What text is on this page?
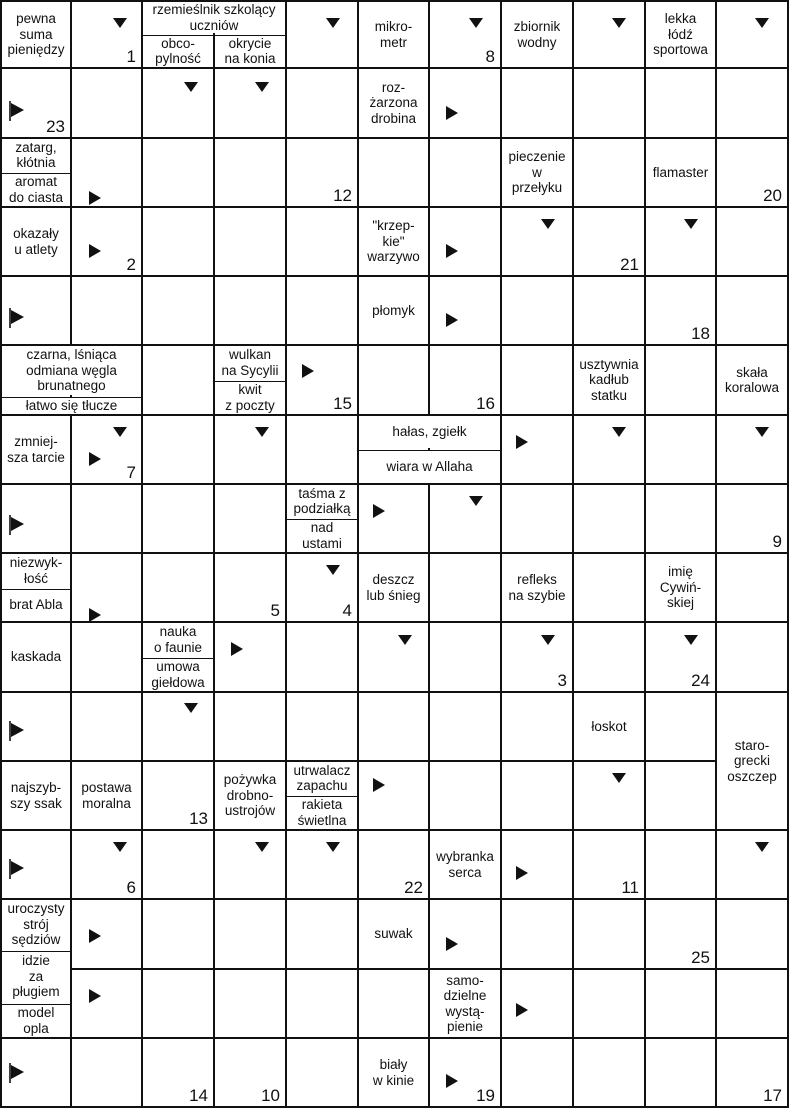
1	8
23
12	20
2	21
18
15	16
7
9
5	4
3	24
13
6	22	11
25
14	10	19	17
pewna
suma
pieniędzy
rzemieślnik szkolący
uczniów
obco-
pylność
okrycie
na konia
mikro-
metr
zbiornik
wodny
lekka
łódź
sportowa
roz-
żarzona
drobina
zatarg,
kłótnia
aromat
do ciasta
pieczenie
w
przełyku
flamaster
okazały
u atlety
"krzep-
kie"
warzywo
płomyk
czarna, lśniąca
odmiana węgla
brunatnego
łatwo się tłucze
wulkan
na Sycylii
kwit
z poczty
usztywnia
kadłub
statku
skała
koralowa
zmniej-
sza tarcie
hałas, zgiełk
wiara w Allaha
taśma z
podziałką
nad
ustami
niezwyk-
łość
brat Abla
deszcz
lub śnieg
refleks
na szybie
imię
Cywiń-
skiej
kaskada
nauka
o faunie
umowa
giełdowa
łoskot
staro-
grecki
oszczep
najszyb-
szy ssak
postawa
moralna
pożywka
drobno-
ustrojów
utrwalacz
zapachu
rakieta
świetlna
wybranka
serca
uroczysty
strój
sędziów
idzie
za
pługiem
model
opla
suwak
samo-
dzielne
wystą-
pienie
biały
w kinie
